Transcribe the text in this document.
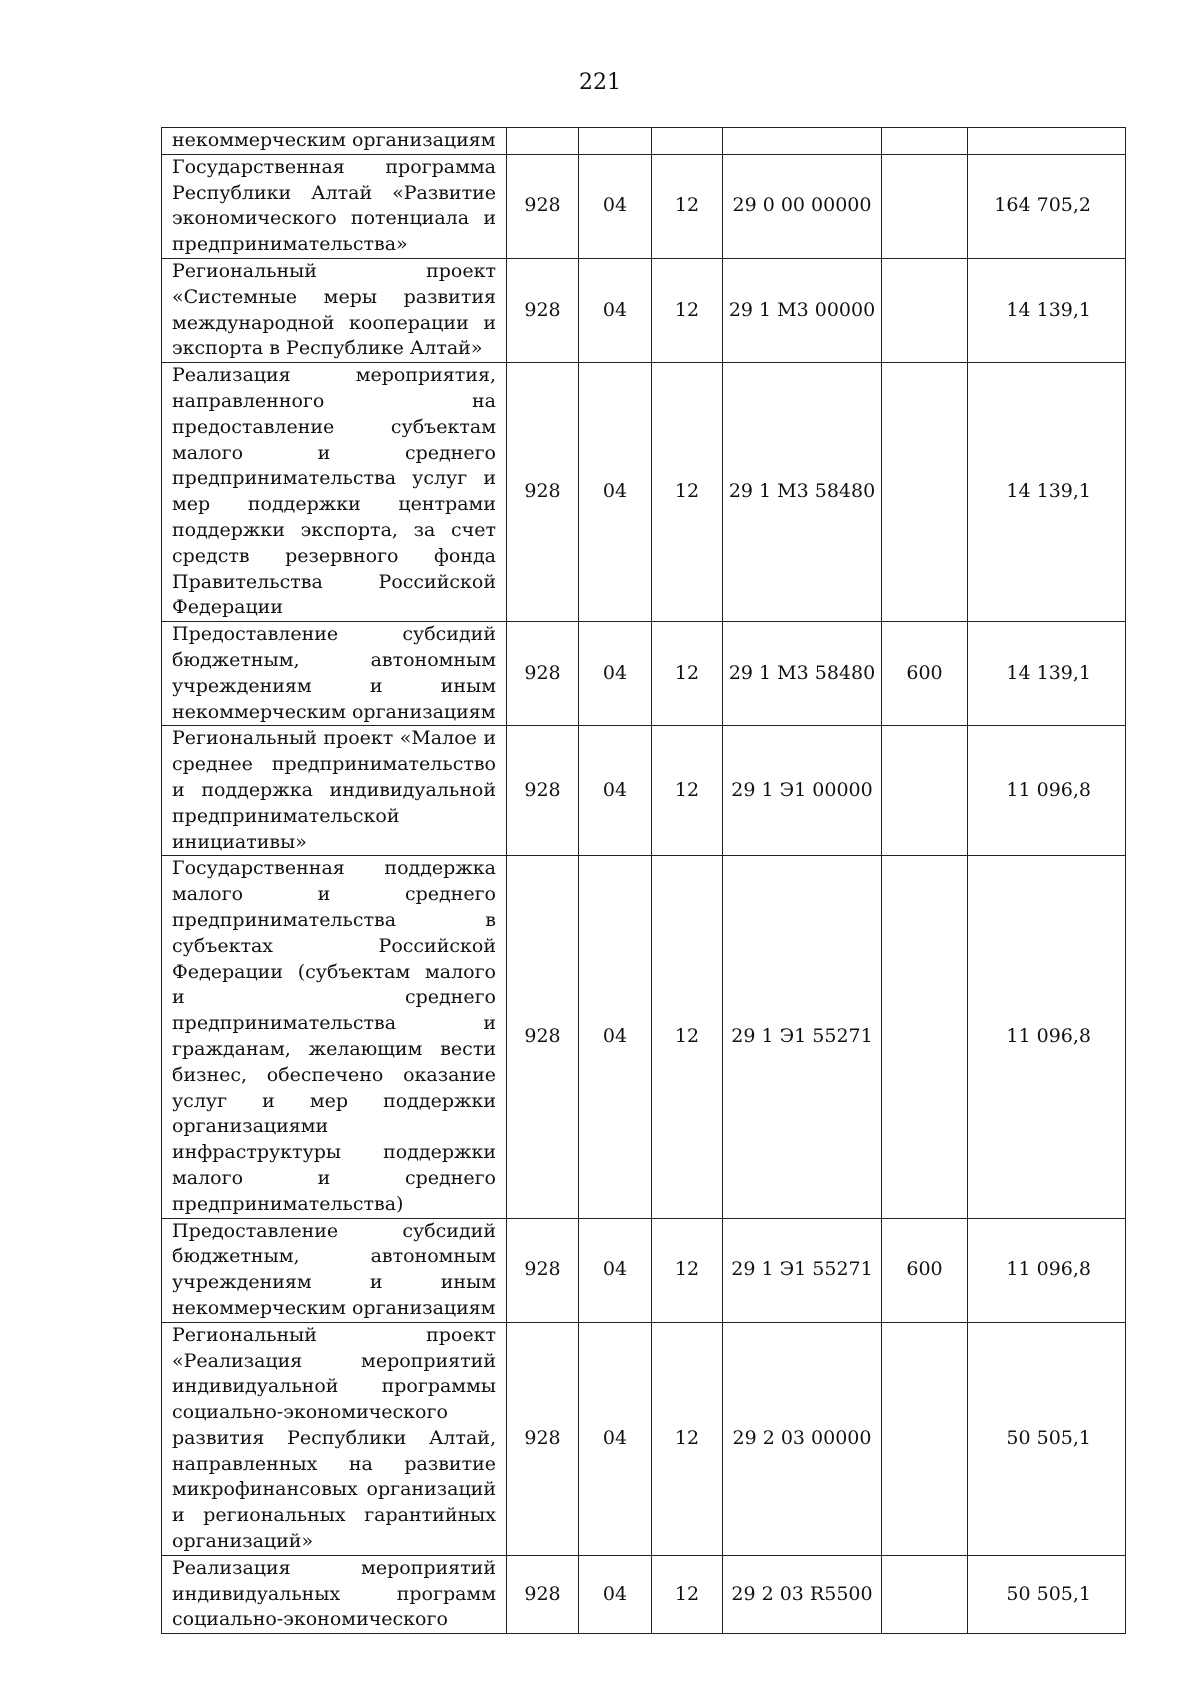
221
некоммерческим организациям						

Государственная программа Республики Алтай «Развитие экономического потенциала и предпринимательства»	928	04	12	29 0 00 00000		164 705,2

Региональный проект «Системные меры развития международной кооперации и экспорта в Республике Алтай»	928	04	12	29 1 M3 00000		14 139,1

Реализация мероприятия, направленного на предоставление субъектам малого и среднего предпринимательства услуг и мер поддержки центрами поддержки экспорта, за счет средств резервного фонда Правительства Российской Федерации	928	04	12	29 1 M3 58480		14 139,1

Предоставление субсидий бюджетным, автономным учреждениям и иным некоммерческим организациям	928	04	12	29 1 M3 58480	600	14 139,1

Региональный проект «Малое и среднее предпринимательство и поддержка индивидуальной предпринимательской инициативы»	928	04	12	29 1 Э1 00000		11 096,8

Государственная поддержка малого и среднего предпринимательства в субъектах Российской Федерации (субъектам малого и среднего предпринимательства и гражданам, желающим вести бизнес, обеспечено оказание услуг и мер поддержки организациями инфраструктуры поддержки малого и среднего предпринимательства)	928	04	12	29 1 Э1 55271		11 096,8

Предоставление субсидий бюджетным, автономным учреждениям и иным некоммерческим организациям	928	04	12	29 1 Э1 55271	600	11 096,8

Региональный проект «Реализация мероприятий индивидуальной программы социально-экономического развития Республики Алтай, направленных на развитие микрофинансовых организаций и региональных гарантийных организаций»	928	04	12	29 2 03 00000		50 505,1

Реализация мероприятий индивидуальных программ социально-экономического	928	04	12	29 2 03 R5500		50 505,1
